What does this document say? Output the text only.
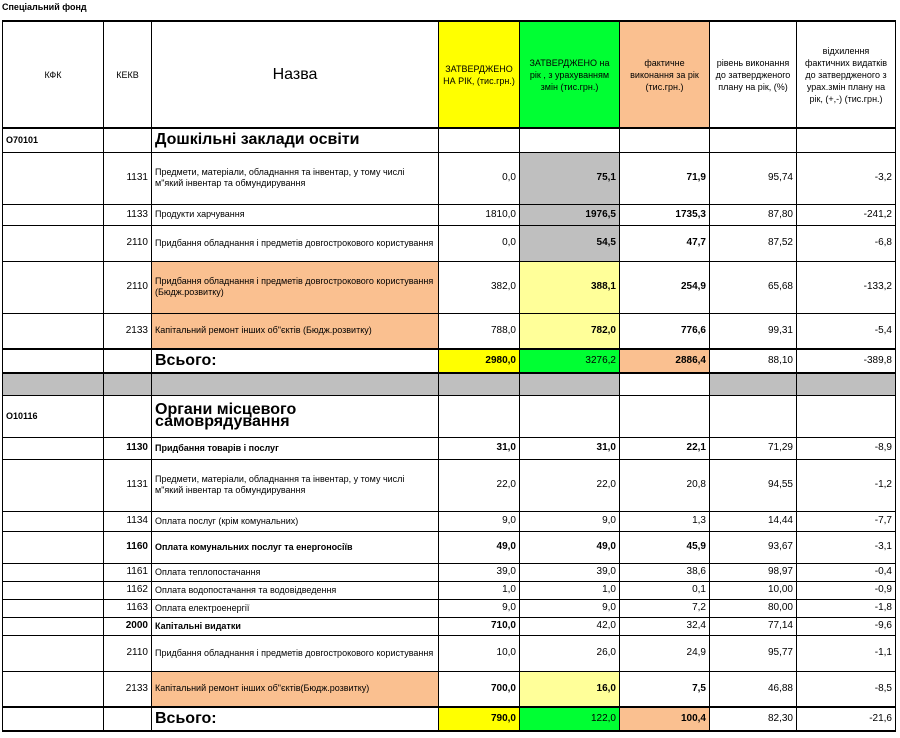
Спеціальний фонд
КФК	КЕКВ	Назва	ЗАТВЕРДЖЕНО НА РІК, (тис.грн.)	ЗАТВЕРДЖЕНО на рік , з урахуванням змін (тис.грн.)	фактичне виконання за рік (тис.грн.)	рівень виконання до затвердженого плану на рік, (%)	відхилення фактичних видатків до затвердженого з урах.змін плану на рік, (+,-) (тис.грн.)
О70101		Дошкільні заклади освіти					
	1131	Предмети, матеріали, обладнання та інвентар, у тому числі м"який інвентар та обмундирування	0,0	75,1	71,9	95,74	-3,2
	1133	Продукти харчування	1810,0	1976,5	1735,3	87,80	-241,2
	2110	Придбання обладнання і предметів довгострокового користування	0,0	54,5	47,7	87,52	-6,8
	2110	Придбання обладнання і предметів довгострокового користування (Бюдж.розвитку)	382,0	388,1	254,9	65,68	-133,2
	2133	Капітальний ремонт інших об"єктів (Бюдж.розвитку)	788,0	782,0	776,6	99,31	-5,4
		Всього:	2980,0	3276,2	2886,4	88,10	-389,8

О10116		Органи місцевого самоврядування					
	1130	Придбання товарів і послуг	31,0	31,0	22,1	71,29	-8,9
	1131	Предмети, матеріали, обладнання та інвентар, у тому числі м"який інвентар та обмундирування	22,0	22,0	20,8	94,55	-1,2
	1134	Оплата послуг (крім комунальних)	9,0	9,0	1,3	14,44	-7,7
	1160	Оплата комунальних послуг та енергоносіїв	49,0	49,0	45,9	93,67	-3,1
	1161	Оплата теплопостачання	39,0	39,0	38,6	98,97	-0,4
	1162	Оплата водопостачання та водовідведення	1,0	1,0	0,1	10,00	-0,9
	1163	Оплата електроенергії	9,0	9,0	7,2	80,00	-1,8
	2000	Капітальні видатки	710,0	42,0	32,4	77,14	-9,6
	2110	Придбання обладнання і предметів довгострокового користування	10,0	26,0	24,9	95,77	-1,1
	2133	Капітальний ремонт інших об"єктів(Бюдж.розвитку)	700,0	16,0	7,5	46,88	-8,5
		Всього:	790,0	122,0	100,4	82,30	-21,6
